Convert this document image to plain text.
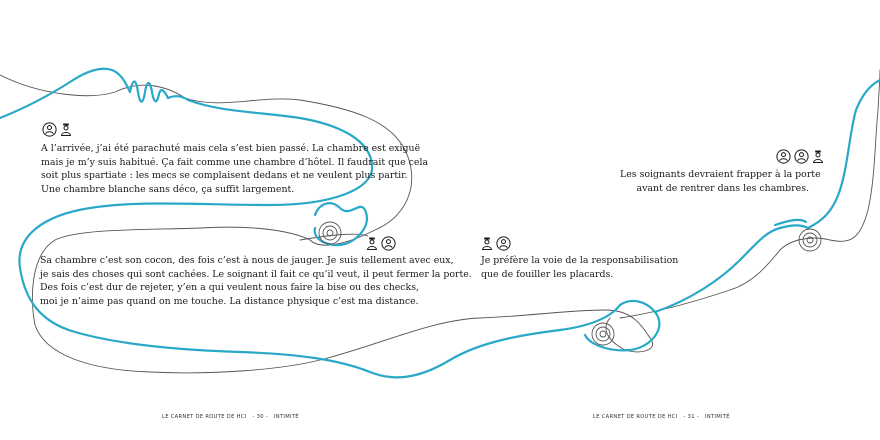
A l’arrivée, j’ai été parachuté mais cela s’est bien passé. La chambre est exiguë
mais je m’y suis habitué. Ça fait comme une chambre d’hôtel. Il faudrait que cela
soit plus spartiate : les mecs se complaisent dedans et ne veulent plus partir.
Une chambre blanche sans déco, ça suffit largement.
Sa chambre c’est son cocon, des fois c’est à nous de jauger. Je suis tellement avec eux,
je sais des choses qui sont cachées. Le soignant il fait ce qu’il veut, il peut fermer la porte.
Des fois c’est dur de rejeter, y’en a qui veulent nous faire la bise ou des checks,
moi je n’aime pas quand on me touche. La distance physique c’est ma distance.
LE CARNET DE ROUTE DE HCI - 30 - INTIMITÉ
Je préfère la voie de la responsabilisation
que de fouiller les placards.
Les soignants devraient frapper à la porte
avant de rentrer dans les chambres.
LE CARNET DE ROUTE DE HCI - 31 - INTIMITÉ
